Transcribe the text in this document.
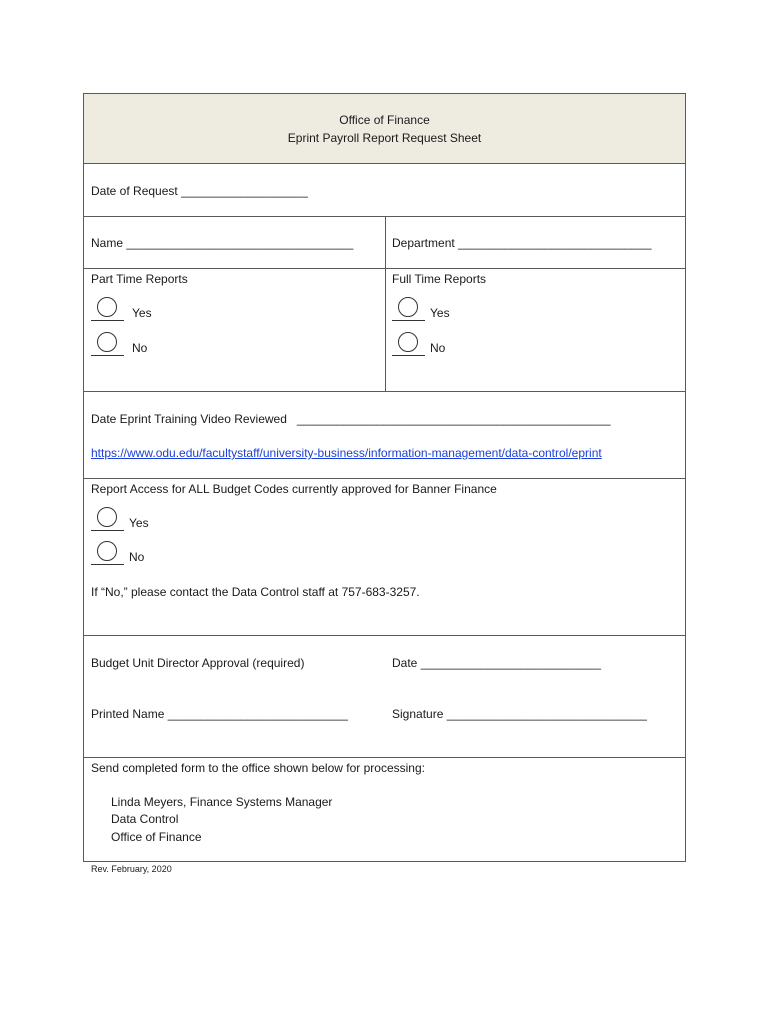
Office of Finance
Eprint Payroll Report Request Sheet
Date of Request ___________________
Name __________________________________	Department _____________________________
Part Time Reports
Yes
No
Full Time Reports
Yes
No
Date Eprint Training Video Reviewed _______________________________________________
https://www.odu.edu/facultystaff/university-business/information-management/data-control/eprint
Report Access for ALL Budget Codes currently approved for Banner Finance
Yes
No
If “No,” please contact the Data Control staff at 757-683-3257.
Budget Unit Director Approval (required)	Date ___________________________
Printed Name ___________________________	Signature ______________________________
Send completed form to the office shown below for processing:
Linda Meyers, Finance Systems Manager
Data Control
Office of Finance
Rev. February, 2020
